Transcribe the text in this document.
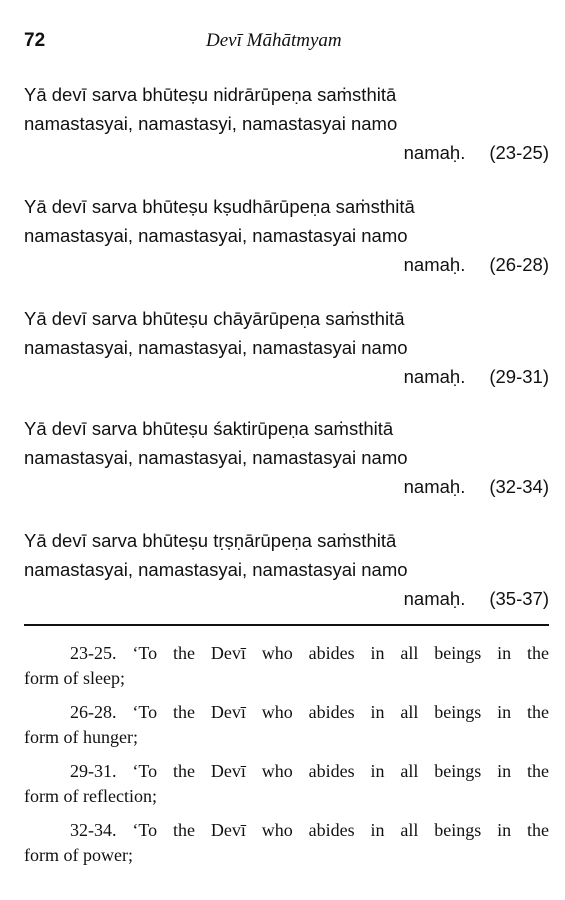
72	Devī Māhātmyam
Yā devī sarva bhūteṣu nidrārūpeṇa saṁsthitā
namastasyai, namastasyi, namastasyai namo
namaḥ. (23-25)
Yā devī sarva bhūteṣu kṣudhārūpeṇa saṁsthitā
namastasyai, namastasyai, namastasyai namo
namaḥ. (26-28)
Yā devī sarva bhūteṣu chāyārūpeṇa saṁsthitā
namastasyai, namastasyai, namastasyai namo
namaḥ. (29-31)
Yā devī sarva bhūteṣu śaktirūpeṇa saṁsthitā
namastasyai, namastasyai, namastasyai namo
namaḥ. (32-34)
Yā devī sarva bhūteṣu tṛṣṇārūpeṇa saṁsthitā
namastasyai, namastasyai, namastasyai namo
namaḥ. (35-37)
23-25. ‘To the Devī who abides in all beings in the
form of sleep;
26-28. ‘To the Devī who abides in all beings in the
form of hunger;
29-31. ‘To the Devī who abides in all beings in the
form of reflection;
32-34. ‘To the Devī who abides in all beings in the
form of power;
